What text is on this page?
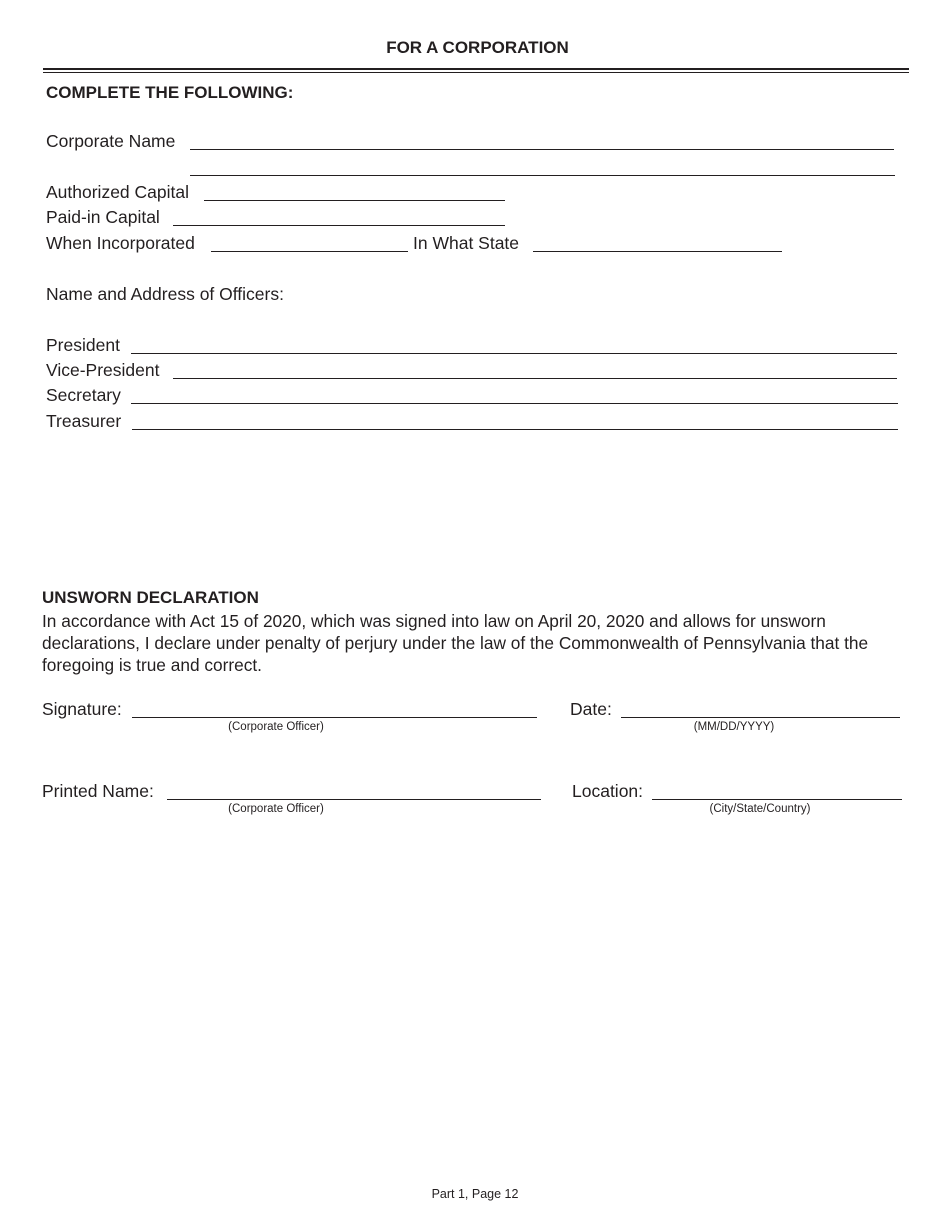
FOR A CORPORATION
COMPLETE THE FOLLOWING:
Corporate Name
Authorized Capital
Paid-in Capital
When Incorporated	In What State
Name and Address of Officers:
President
Vice-President
Secretary
Treasurer
UNSWORN DECLARATION

In accordance with Act 15 of 2020, which was signed into law on April 20, 2020 and allows for unsworn declarations, I declare under penalty of perjury under the law of the Commonwealth of Pennsylvania that the foregoing is true and correct.

Signature:
(Corporate Officer)
Date:
(MM/DD/YYYY)
Printed Name:
(Corporate Officer)
Location:
(City/State/Country)
Part 1, Page 12
